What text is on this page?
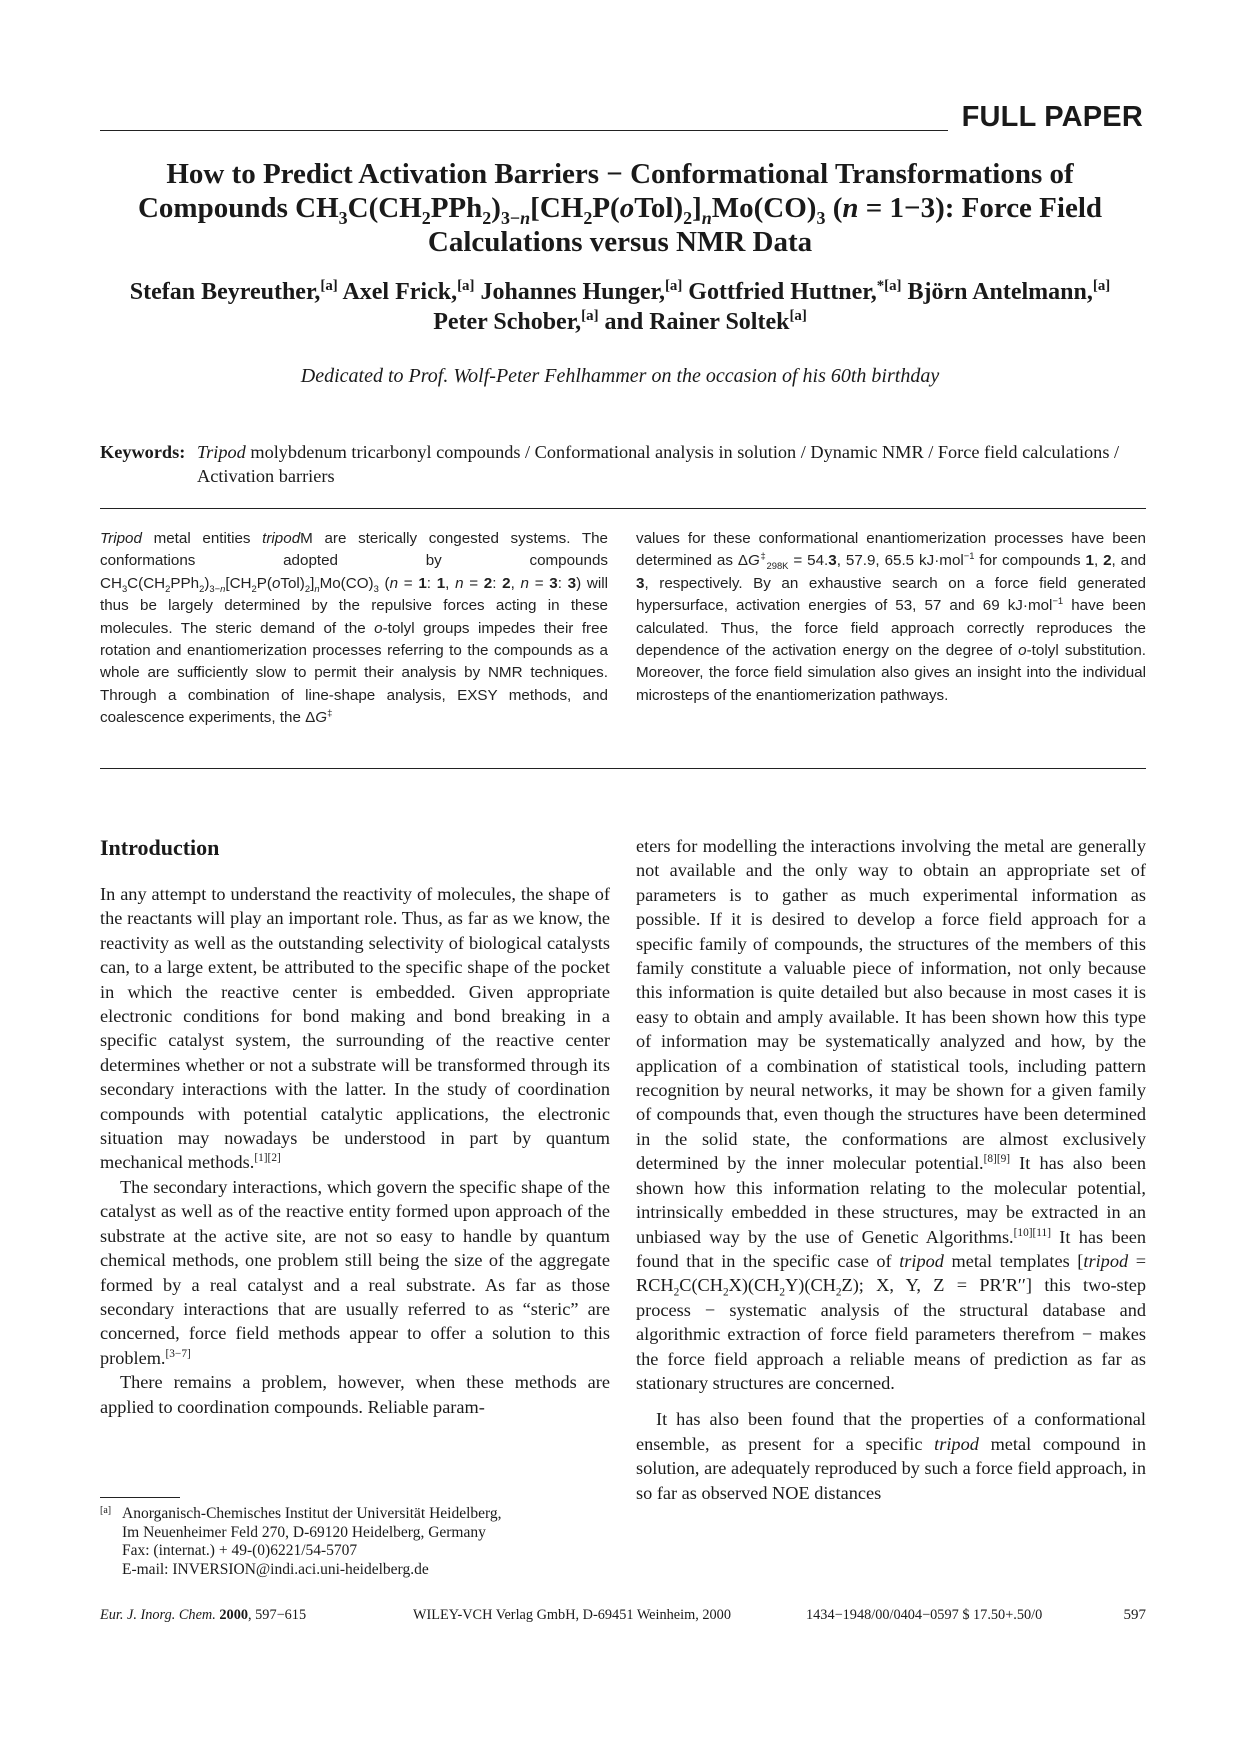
FULL PAPER
How to Predict Activation Barriers − Conformational Transformations of Compounds $CH_3C(CH_2PPh_2)_{3-n}[CH_2P(oTol)_2]_nMo(CO)_3$ (n = 1−3): Force Field Calculations versus NMR Data

Stefan Beyreuther,[a] Axel Frick,[a] Johannes Hunger,[a] Gottfried Huttner,$^{*[a]}$ Björn Antelmann,[a] Peter Schober,[a] and Rainer Soltek[a]

Dedicated to Prof. Wolf-Peter Fehlhammer on the occasion of his 60th birthday

Keywords: Tripod molybdenum tricarbonyl compounds / Conformational analysis in solution / Dynamic NMR / Force field calculations / Activation barriers

Tripod metal entities tripodM are sterically congested systems. The conformations adopted by compounds $CH_3C(CH_2PPh_2)_{3-n}[CH_2P(oTol)_2]_nMo(CO)_3$ (n = 1: 1, n = 2: 2, n = 3: 3) will thus be largely determined by the repulsive forces acting in these molecules. The steric demand of the o-tolyl groups impedes their free rotation and enantiomerization processes referring to the compounds as a whole are sufficiently slow to permit their analysis by NMR techniques. Through a combination of line-shape analysis, EXSY methods, and coalescence experiments, the ΔG‡

values for these conformational enantiomerization processes have been determined as $\Delta G^\ddagger_{298K} = 54.3$, 57.9, 65.5 kJ·mol$^{-1}$ for compounds 1, 2, and 3, respectively. By an exhaustive search on a force field generated hypersurface, activation energies of 53, 57 and 69 kJ·mol$^{-1}$ have been calculated. Thus, the force field approach correctly reproduces the dependence of the activation energy on the degree of o-tolyl substitution. Moreover, the force field simulation also gives an insight into the individual microsteps of the enantiomerization pathways.

Introduction

In any attempt to understand the reactivity of molecules, the shape of the reactants will play an important role. Thus, as far as we know, the reactivity as well as the outstanding selectivity of biological catalysts can, to a large extent, be attributed to the specific shape of the pocket in which the reactive center is embedded. Given appropriate electronic conditions for bond making and bond breaking in a specific catalyst system, the surrounding of the reactive center determines whether or not a substrate will be transformed through its secondary interactions with the latter. In the study of coordination compounds with potential catalytic applications, the electronic situation may nowadays be understood in part by quantum mechanical methods.[1][2]

The secondary interactions, which govern the specific shape of the catalyst as well as of the reactive entity formed upon approach of the substrate at the active site, are not so easy to handle by quantum chemical methods, one problem still being the size of the aggregate formed by a real catalyst and a real substrate. As far as those secondary interactions that are usually referred to as “steric” are concerned, force field methods appear to offer a solution to this problem.[3−7]

There remains a problem, however, when these methods are applied to coordination compounds. Reliable param-

eters for modelling the interactions involving the metal are generally not available and the only way to obtain an appropriate set of parameters is to gather as much experimental information as possible. If it is desired to develop a force field approach for a specific family of compounds, the structures of the members of this family constitute a valuable piece of information, not only because this information is quite detailed but also because in most cases it is easy to obtain and amply available. It has been shown how this type of information may be systematically analyzed and how, by the application of a combination of statistical tools, including pattern recognition by neural networks, it may be shown for a given family of compounds that, even though the structures have been determined in the solid state, the conformations are almost exclusively determined by the inner molecular potential.[8][9] It has also been shown how this information relating to the molecular potential, intrinsically embedded in these structures, may be extracted in an unbiased way by the use of Genetic Algorithms.[10][11] It has been found that in the specific case of tripod metal templates [tripod = $RCH_2C(CH_2X)(CH_2Y)(CH_2Z)$; X, Y, Z = PR′R′′] this two-step process − systematic analysis of the structural database and algorithmic extraction of force field parameters therefrom − makes the force field approach a reliable means of prediction as far as stationary structures are concerned.

It has also been found that the properties of a conformational ensemble, as present for a specific tripod metal compound in solution, are adequately reproduced by such a force field approach, in so far as observed NOE distances

[a] Anorganisch-Chemisches Institut der Universität Heidelberg,
Im Neuenheimer Feld 270, D-69120 Heidelberg, Germany
Fax: (internat.) + 49-(0)6221/54-5707
E-mail: INVERSION@indi.aci.uni-heidelberg.de
Eur. J. Inorg. Chem. 2000, 597−615	WILEY-VCH Verlag GmbH, D-69451 Weinheim, 2000	1434−1948/00/0404−0597 $ 17.50+.50/0	597
